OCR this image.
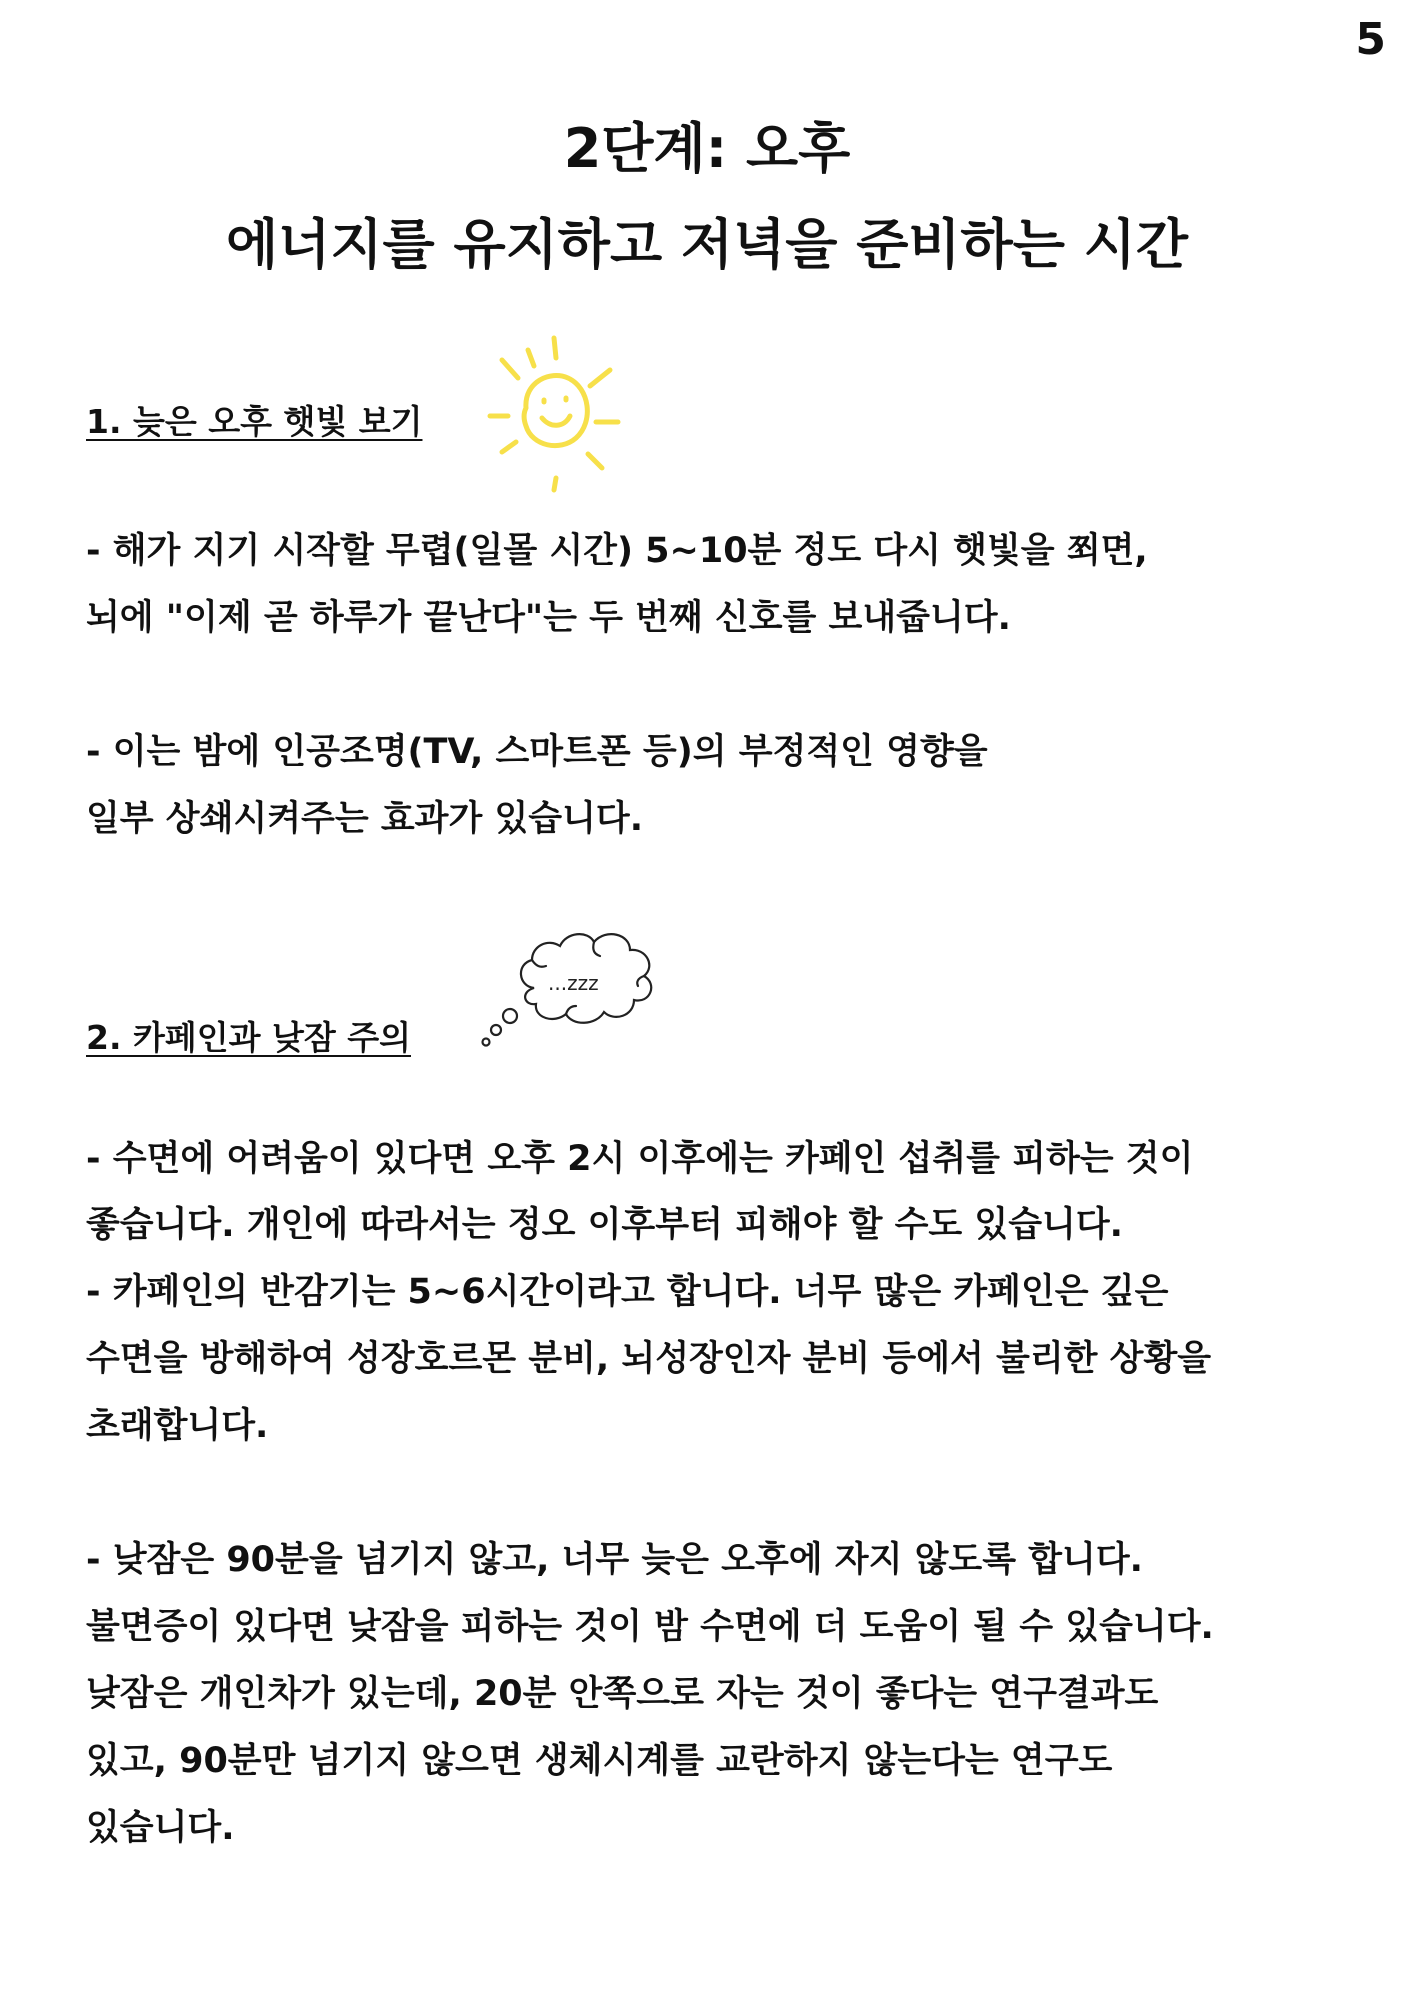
5
2단계: 오후
에너지를 유지하고 저녁을 준비하는 시간
1. 늦은 오후 햇빛 보기
- 해가 지기 시작할 무렵(일몰 시간) 5~10분 정도 다시 햇빛을 쬐면,
뇌에 "이제 곧 하루가 끝난다"는 두 번째 신호를 보내줍니다.
- 이는 밤에 인공조명(TV, 스마트폰 등)의 부정적인 영향을
일부 상쇄시켜주는 효과가 있습니다.
2. 카페인과 낮잠 주의
...zzz
- 수면에 어려움이 있다면 오후 2시 이후에는 카페인 섭취를 피하는 것이
좋습니다. 개인에 따라서는 정오 이후부터 피해야 할 수도 있습니다.
- 카페인의 반감기는 5~6시간이라고 합니다. 너무 많은 카페인은 깊은
수면을 방해하여 성장호르몬 분비, 뇌성장인자 분비 등에서 불리한 상황을
초래합니다.
- 낮잠은 90분을 넘기지 않고, 너무 늦은 오후에 자지 않도록 합니다.
불면증이 있다면 낮잠을 피하는 것이 밤 수면에 더 도움이 될 수 있습니다.
낮잠은 개인차가 있는데, 20분 안쪽으로 자는 것이 좋다는 연구결과도
있고, 90분만 넘기지 않으면 생체시계를 교란하지 않는다는 연구도
있습니다.
